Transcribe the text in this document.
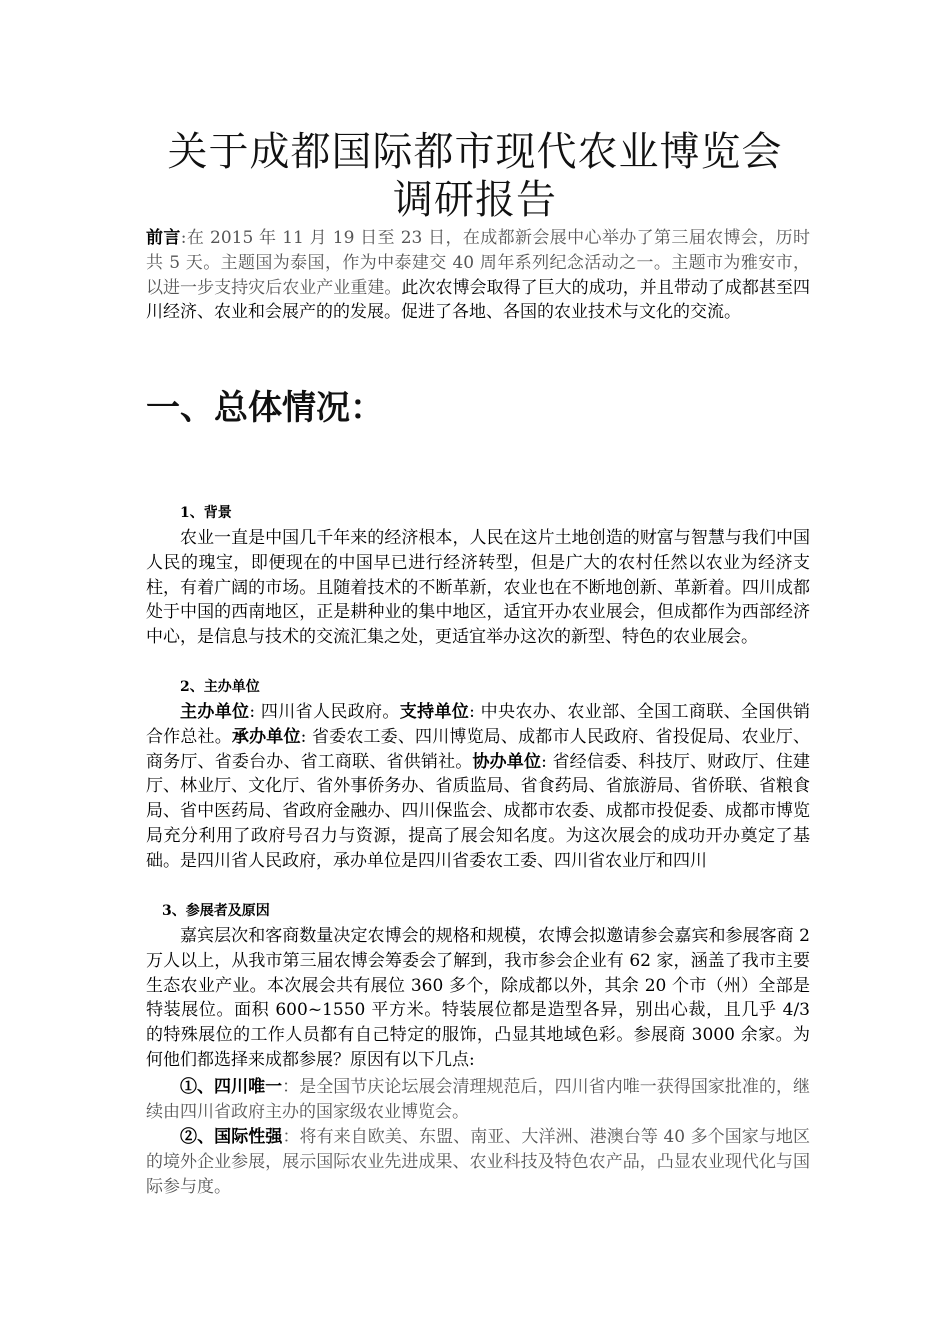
关于成都国际都市现代农业博览会
调研报告

前言:在 2015 年 11 月 19 日至 23 日，在成都新会展中心举办了第三届农博会，历时共 5 天。主题国为泰国，作为中泰建交 40 周年系列纪念活动之一。主题市为雅安市，以进一步支持灾后农业产业重建。此次农博会取得了巨大的成功，并且带动了成都甚至四川经济、农业和会展产的的发展。促进了各地、各国的农业技术与文化的交流。

一、总体情况：
1、背景

农业一直是中国几千年来的经济根本，人民在这片土地创造的财富与智慧与我们中国人民的瑰宝，即便现在的中国早已进行经济转型，但是广大的农村任然以农业为经济支柱，有着广阔的市场。且随着技术的不断革新，农业也在不断地创新、革新着。四川成都处于中国的西南地区，正是耕种业的集中地区，适宜开办农业展会，但成都作为西部经济中心，是信息与技术的交流汇集之处，更适宜举办这次的新型、特色的农业展会。

2、主办单位

主办单位: 四川省人民政府。支持单位: 中央农办、农业部、全国工商联、全国供销合作总社。承办单位: 省委农工委、四川博览局、成都市人民政府、省投促局、农业厅、商务厅、省委台办、省工商联、省供销社。协办单位: 省经信委、科技厅、财政厅、住建厅、林业厅、文化厅、省外事侨务办、省质监局、省食药局、省旅游局、省侨联、省粮食局、省中医药局、省政府金融办、四川保监会、成都市农委、成都市投促委、成都市博览局充分利用了政府号召力与资源，提高了展会知名度。为这次展会的成功开办奠定了基础。是四川省人民政府，承办单位是四川省委农工委、四川省农业厅和四川

3、参展者及原因

嘉宾层次和客商数量决定农博会的规格和规模，农博会拟邀请参会嘉宾和参展客商 2 万人以上，从我市第三届农博会筹委会了解到，我市参会企业有 62 家，涵盖了我市主要生态农业产业。本次展会共有展位 360 多个，除成都以外，其余 20 个市（州）全部是特装展位。面积 600~1550 平方米。特装展位都是造型各异，别出心裁，且几乎 4/3 的特殊展位的工作人员都有自己特定的服饰，凸显其地域色彩。参展商 3000 余家。为何他们都选择来成都参展？原因有以下几点:

①、四川唯一：是全国节庆论坛展会清理规范后，四川省内唯一获得国家批准的，继续由四川省政府主办的国家级农业博览会。

②、国际性强：将有来自欧美、东盟、南亚、大洋洲、港澳台等 40 多个国家与地区的境外企业参展，展示国际农业先进成果、农业科技及特色农产品，凸显农业现代化与国际参与度。
